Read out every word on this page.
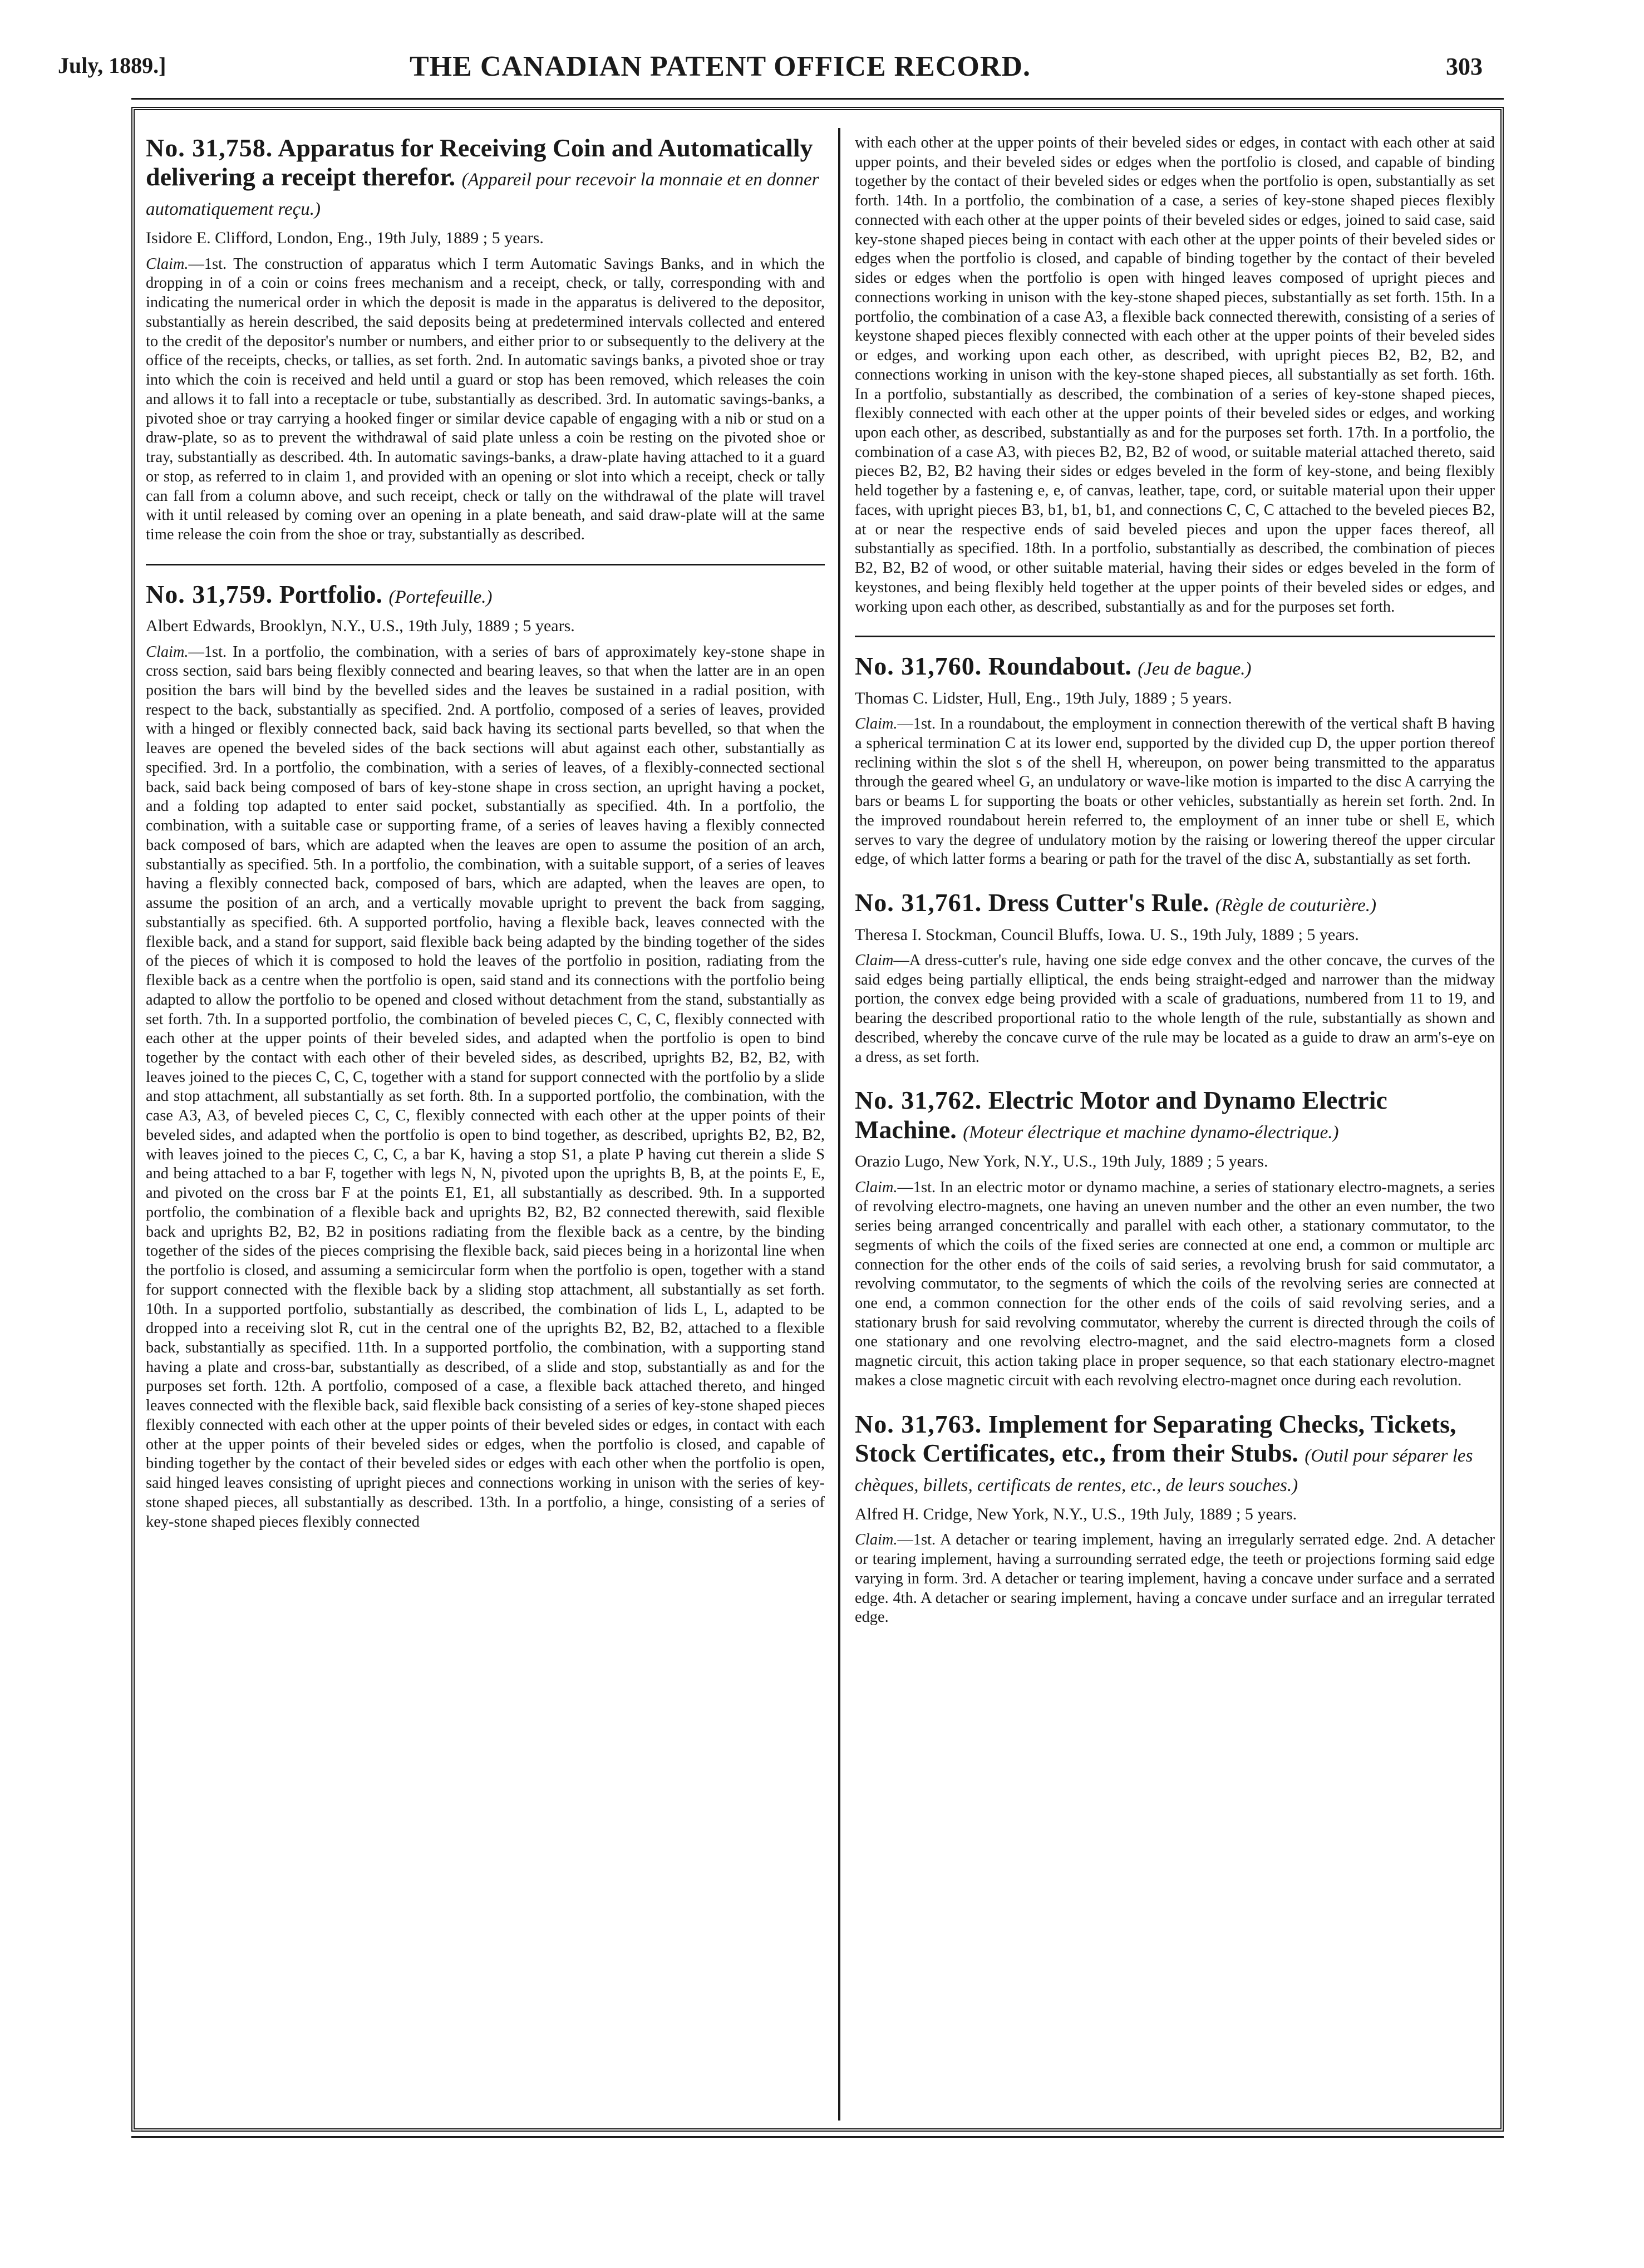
July, 1889.]	THE CANADIAN PATENT OFFICE RECORD.	303
No. 31,758. Apparatus for Receiving Coin and Automatically delivering a receipt therefor. (Appareil pour recevoir la monnaie et en donner automatiquement reçu.)
Isidore E. Clifford, London, Eng., 19th July, 1889 ; 5 years.

Claim.—1st. The construction of apparatus which I term Automatic Savings Banks, and in which the dropping in of a coin or coins frees mechanism and a receipt, check, or tally, corresponding with and indicating the numerical order in which the deposit is made in the apparatus is delivered to the depositor, substantially as herein described, the said deposits being at predetermined intervals collected and entered to the credit of the depositor's number or numbers, and either prior to or subsequently to the delivery at the office of the receipts, checks, or tallies, as set forth. 2nd. In automatic savings banks, a pivoted shoe or tray into which the coin is received and held until a guard or stop has been removed, which releases the coin and allows it to fall into a receptacle or tube, substantially as described. 3rd. In automatic savings-banks, a pivoted shoe or tray carrying a hooked finger or similar device capable of engaging with a nib or stud on a draw-plate, so as to prevent the withdrawal of said plate unless a coin be resting on the pivoted shoe or tray, substantially as described. 4th. In automatic savings-banks, a draw-plate having attached to it a guard or stop, as referred to in claim 1, and provided with an opening or slot into which a receipt, check or tally can fall from a column above, and such receipt, check or tally on the withdrawal of the plate will travel with it until released by coming over an opening in a plate beneath, and said draw-plate will at the same time release the coin from the shoe or tray, substantially as described.

No. 31,759. Portfolio. (Portefeuille.)
Albert Edwards, Brooklyn, N.Y., U.S., 19th July, 1889 ; 5 years.

Claim.—1st. In a portfolio, the combination, with a series of bars of approximately key-stone shape in cross section, said bars being flexibly connected and bearing leaves, so that when the latter are in an open position the bars will bind by the bevelled sides and the leaves be sustained in a radial position, with respect to the back, substantially as specified. 2nd. A portfolio, composed of a series of leaves, provided with a hinged or flexibly connected back, said back having its sectional parts bevelled, so that when the leaves are opened the beveled sides of the back sections will abut against each other, substantially as specified. 3rd. In a portfolio, the combination, with a series of leaves, of a flexibly-connected sectional back, said back being composed of bars of key-stone shape in cross section, an upright having a pocket, and a folding top adapted to enter said pocket, substantially as specified. 4th. In a portfolio, the combination, with a suitable case or supporting frame, of a series of leaves having a flexibly connected back composed of bars, which are adapted when the leaves are open to assume the position of an arch, substantially as specified. 5th. In a portfolio, the combination, with a suitable support, of a series of leaves having a flexibly connected back, composed of bars, which are adapted, when the leaves are open, to assume the position of an arch, and a vertically movable upright to prevent the back from sagging, substantially as specified. 6th. A supported portfolio, having a flexible back, leaves connected with the flexible back, and a stand for support, said flexible back being adapted by the binding together of the sides of the pieces of which it is composed to hold the leaves of the portfolio in position, radiating from the flexible back as a centre when the portfolio is open, said stand and its connections with the portfolio being adapted to allow the portfolio to be opened and closed without detachment from the stand, substantially as set forth. 7th. In a supported portfolio, the combination of beveled pieces C, C, C, flexibly connected with each other at the upper points of their beveled sides, and adapted when the portfolio is open to bind together by the contact with each other of their beveled sides, as described, uprights B2, B2, B2, with leaves joined to the pieces C, C, C, together with a stand for support connected with the portfolio by a slide and stop attachment, all substantially as set forth. 8th. In a supported portfolio, the combination, with the case A3, A3, of beveled pieces C, C, C, flexibly connected with each other at the upper points of their beveled sides, and adapted when the portfolio is open to bind together, as described, uprights B2, B2, B2, with leaves joined to the pieces C, C, C, a bar K, having a stop S1, a plate P having cut therein a slide S and being attached to a bar F, together with legs N, N, pivoted upon the uprights B, B, at the points E, E, and pivoted on the cross bar F at the points E1, E1, all substantially as described. 9th. In a supported portfolio, the combination of a flexible back and uprights B2, B2, B2 connected therewith, said flexible back and uprights B2, B2, B2 in positions radiating from the flexible back as a centre, by the binding together of the sides of the pieces comprising the flexible back, said pieces being in a horizontal line when the portfolio is closed, and assuming a semicircular form when the portfolio is open, together with a stand for support connected with the flexible back by a sliding stop attachment, all substantially as set forth. 10th. In a supported portfolio, substantially as described, the combination of lids L, L, adapted to be dropped into a receiving slot R, cut in the central one of the uprights B2, B2, B2, attached to a flexible back, substantially as specified. 11th. In a supported portfolio, the combination, with a supporting stand having a plate and cross-bar, substantially as described, of a slide and stop, substantially as and for the purposes set forth. 12th. A portfolio, composed of a case, a flexible back attached thereto, and hinged leaves connected with the flexible back, said flexible back consisting of a series of key-stone shaped pieces flexibly connected with each other at the upper points of their beveled sides or edges, in contact with each other at the upper points of their beveled sides or edges, when the portfolio is closed, and capable of binding together by the contact of their beveled sides or edges with each other when the portfolio is open, said hinged leaves consisting of upright pieces and connections working in unison with the series of key-stone shaped pieces, all substantially as described. 13th. In a portfolio, a hinge, consisting of a series of key-stone shaped pieces flexibly connected

with each other at the upper points of their beveled sides or edges, in contact with each other at said upper points, and their beveled sides or edges when the portfolio is closed, and capable of binding together by the contact of their beveled sides or edges when the portfolio is open, substantially as set forth. 14th. In a portfolio, the combination of a case, a series of key-stone shaped pieces flexibly connected with each other at the upper points of their beveled sides or edges, joined to said case, said key-stone shaped pieces being in contact with each other at the upper points of their beveled sides or edges when the portfolio is closed, and capable of binding together by the contact of their beveled sides or edges when the portfolio is open with hinged leaves composed of upright pieces and connections working in unison with the key-stone shaped pieces, substantially as set forth. 15th. In a portfolio, the combination of a case A3, a flexible back connected therewith, consisting of a series of keystone shaped pieces flexibly connected with each other at the upper points of their beveled sides or edges, and working upon each other, as described, with upright pieces B2, B2, B2, and connections working in unison with the key-stone shaped pieces, all substantially as set forth. 16th. In a portfolio, substantially as described, the combination of a series of key-stone shaped pieces, flexibly connected with each other at the upper points of their beveled sides or edges, and working upon each other, as described, substantially as and for the purposes set forth. 17th. In a portfolio, the combination of a case A3, with pieces B2, B2, B2 of wood, or suitable material attached thereto, said pieces B2, B2, B2 having their sides or edges beveled in the form of key-stone, and being flexibly held together by a fastening e, e, of canvas, leather, tape, cord, or suitable material upon their upper faces, with upright pieces B3, b1, b1, b1, and connections C, C, C attached to the beveled pieces B2, at or near the respective ends of said beveled pieces and upon the upper faces thereof, all substantially as specified. 18th. In a portfolio, substantially as described, the combination of pieces B2, B2, B2 of wood, or other suitable material, having their sides or edges beveled in the form of keystones, and being flexibly held together at the upper points of their beveled sides or edges, and working upon each other, as described, substantially as and for the purposes set forth.

No. 31,760. Roundabout. (Jeu de bague.)
Thomas C. Lidster, Hull, Eng., 19th July, 1889 ; 5 years.

Claim.—1st. In a roundabout, the employment in connection therewith of the vertical shaft B having a spherical termination C at its lower end, supported by the divided cup D, the upper portion thereof reclining within the slot s of the shell H, whereupon, on power being transmitted to the apparatus through the geared wheel G, an undulatory or wave-like motion is imparted to the disc A carrying the bars or beams L for supporting the boats or other vehicles, substantially as herein set forth. 2nd. In the improved roundabout herein referred to, the employment of an inner tube or shell E, which serves to vary the degree of undulatory motion by the raising or lowering thereof the upper circular edge, of which latter forms a bearing or path for the travel of the disc A, substantially as set forth.

No. 31,761. Dress Cutter's Rule. (Règle de couturière.)
Theresa I. Stockman, Council Bluffs, Iowa. U. S., 19th July, 1889 ; 5 years.

Claim—A dress-cutter's rule, having one side edge convex and the other concave, the curves of the said edges being partially elliptical, the ends being straight-edged and narrower than the midway portion, the convex edge being provided with a scale of graduations, numbered from 11 to 19, and bearing the described proportional ratio to the whole length of the rule, substantially as shown and described, whereby the concave curve of the rule may be located as a guide to draw an arm's-eye on a dress, as set forth.

No. 31,762. Electric Motor and Dynamo Electric Machine. (Moteur électrique et machine dynamo-électrique.)
Orazio Lugo, New York, N.Y., U.S., 19th July, 1889 ; 5 years.

Claim.—1st. In an electric motor or dynamo machine, a series of stationary electro-magnets, a series of revolving electro-magnets, one having an uneven number and the other an even number, the two series being arranged concentrically and parallel with each other, a stationary commutator, to the segments of which the coils of the fixed series are connected at one end, a common or multiple arc connection for the other ends of the coils of said series, a revolving brush for said commutator, a revolving commutator, to the segments of which the coils of the revolving series are connected at one end, a common connection for the other ends of the coils of said revolving series, and a stationary brush for said revolving commutator, whereby the current is directed through the coils of one stationary and one revolving electro-magnet, and the said electro-magnets form a closed magnetic circuit, this action taking place in proper sequence, so that each stationary electro-magnet makes a close magnetic circuit with each revolving electro-magnet once during each revolution.

No. 31,763. Implement for Separating Checks, Tickets, Stock Certificates, etc., from their Stubs. (Outil pour séparer les chèques, billets, certificats de rentes, etc., de leurs souches.)
Alfred H. Cridge, New York, N.Y., U.S., 19th July, 1889 ; 5 years.

Claim.—1st. A detacher or tearing implement, having an irregularly serrated edge. 2nd. A detacher or tearing implement, having a surrounding serrated edge, the teeth or projections forming said edge varying in form. 3rd. A detacher or tearing implement, having a concave under surface and a serrated edge. 4th. A detacher or searing implement, having a concave under surface and an irregular terrated edge.
